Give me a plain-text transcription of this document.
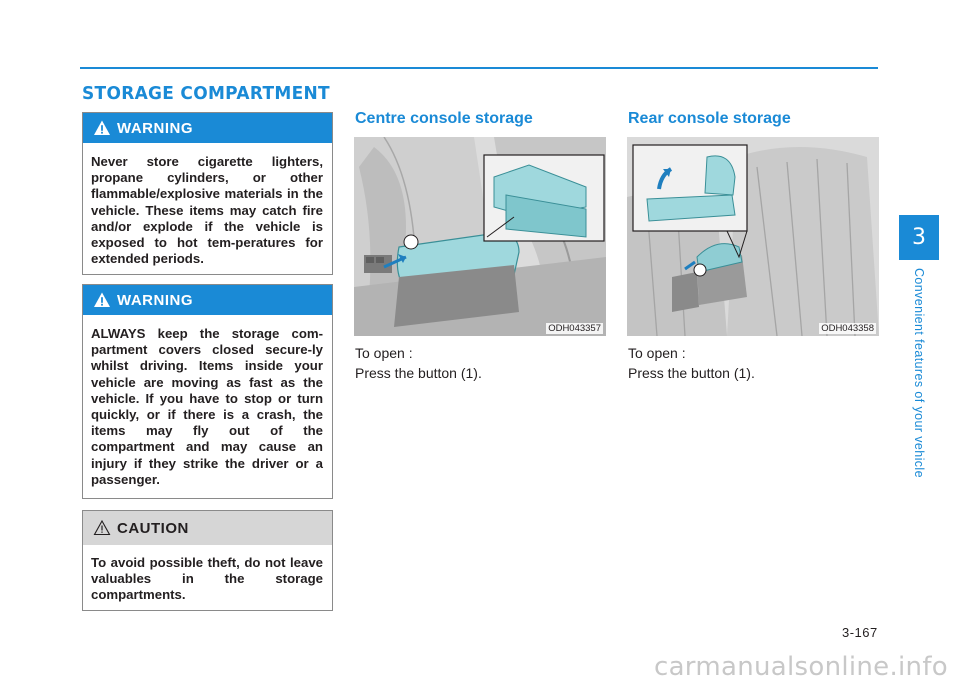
STORAGE COMPARTMENT
WARNING
Never store cigarette lighters, propane cylinders, or other flammable/explosive materials in the vehicle. These items may catch fire and/or explode if the vehicle is exposed to hot tem-peratures for extended periods.
WARNING
ALWAYS keep the storage com-partment covers closed secure-ly whilst driving. Items inside your vehicle are moving as fast as the vehicle. If you have to stop or turn quickly, or if there is a crash, the items may fly out of the compartment and may cause an injury if they strike the driver or a passenger.
CAUTION
To avoid possible theft, do not leave valuables in the storage compartments.
Centre console storage
ODH043357
To open :
Press the button (1).
Rear console storage
ODH043358
To open :
Press the button (1).
3
Convenient features of your vehicle
3-167
carmanualsonline.info
